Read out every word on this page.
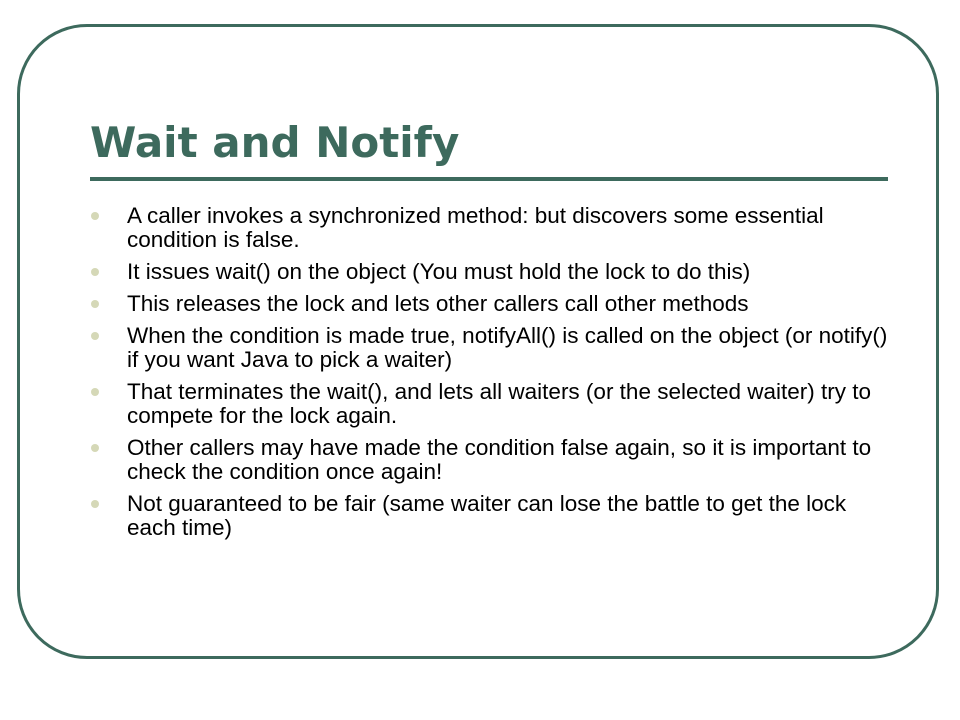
Wait and Notify
A caller invokes a synchronized method: but discovers some essential condition is false.
It issues wait() on the object (You must hold the lock to do this)
This releases the lock and lets other callers call other methods
When the condition is made true, notifyAll() is called on the object (or notify() if you want Java to pick a waiter)
That terminates the wait(), and lets all waiters (or the selected waiter) try to compete for the lock again.
Other callers may have made the condition false again, so it is important to check the condition once again!
Not guaranteed to be fair (same waiter can lose the battle to get the lock each time)
